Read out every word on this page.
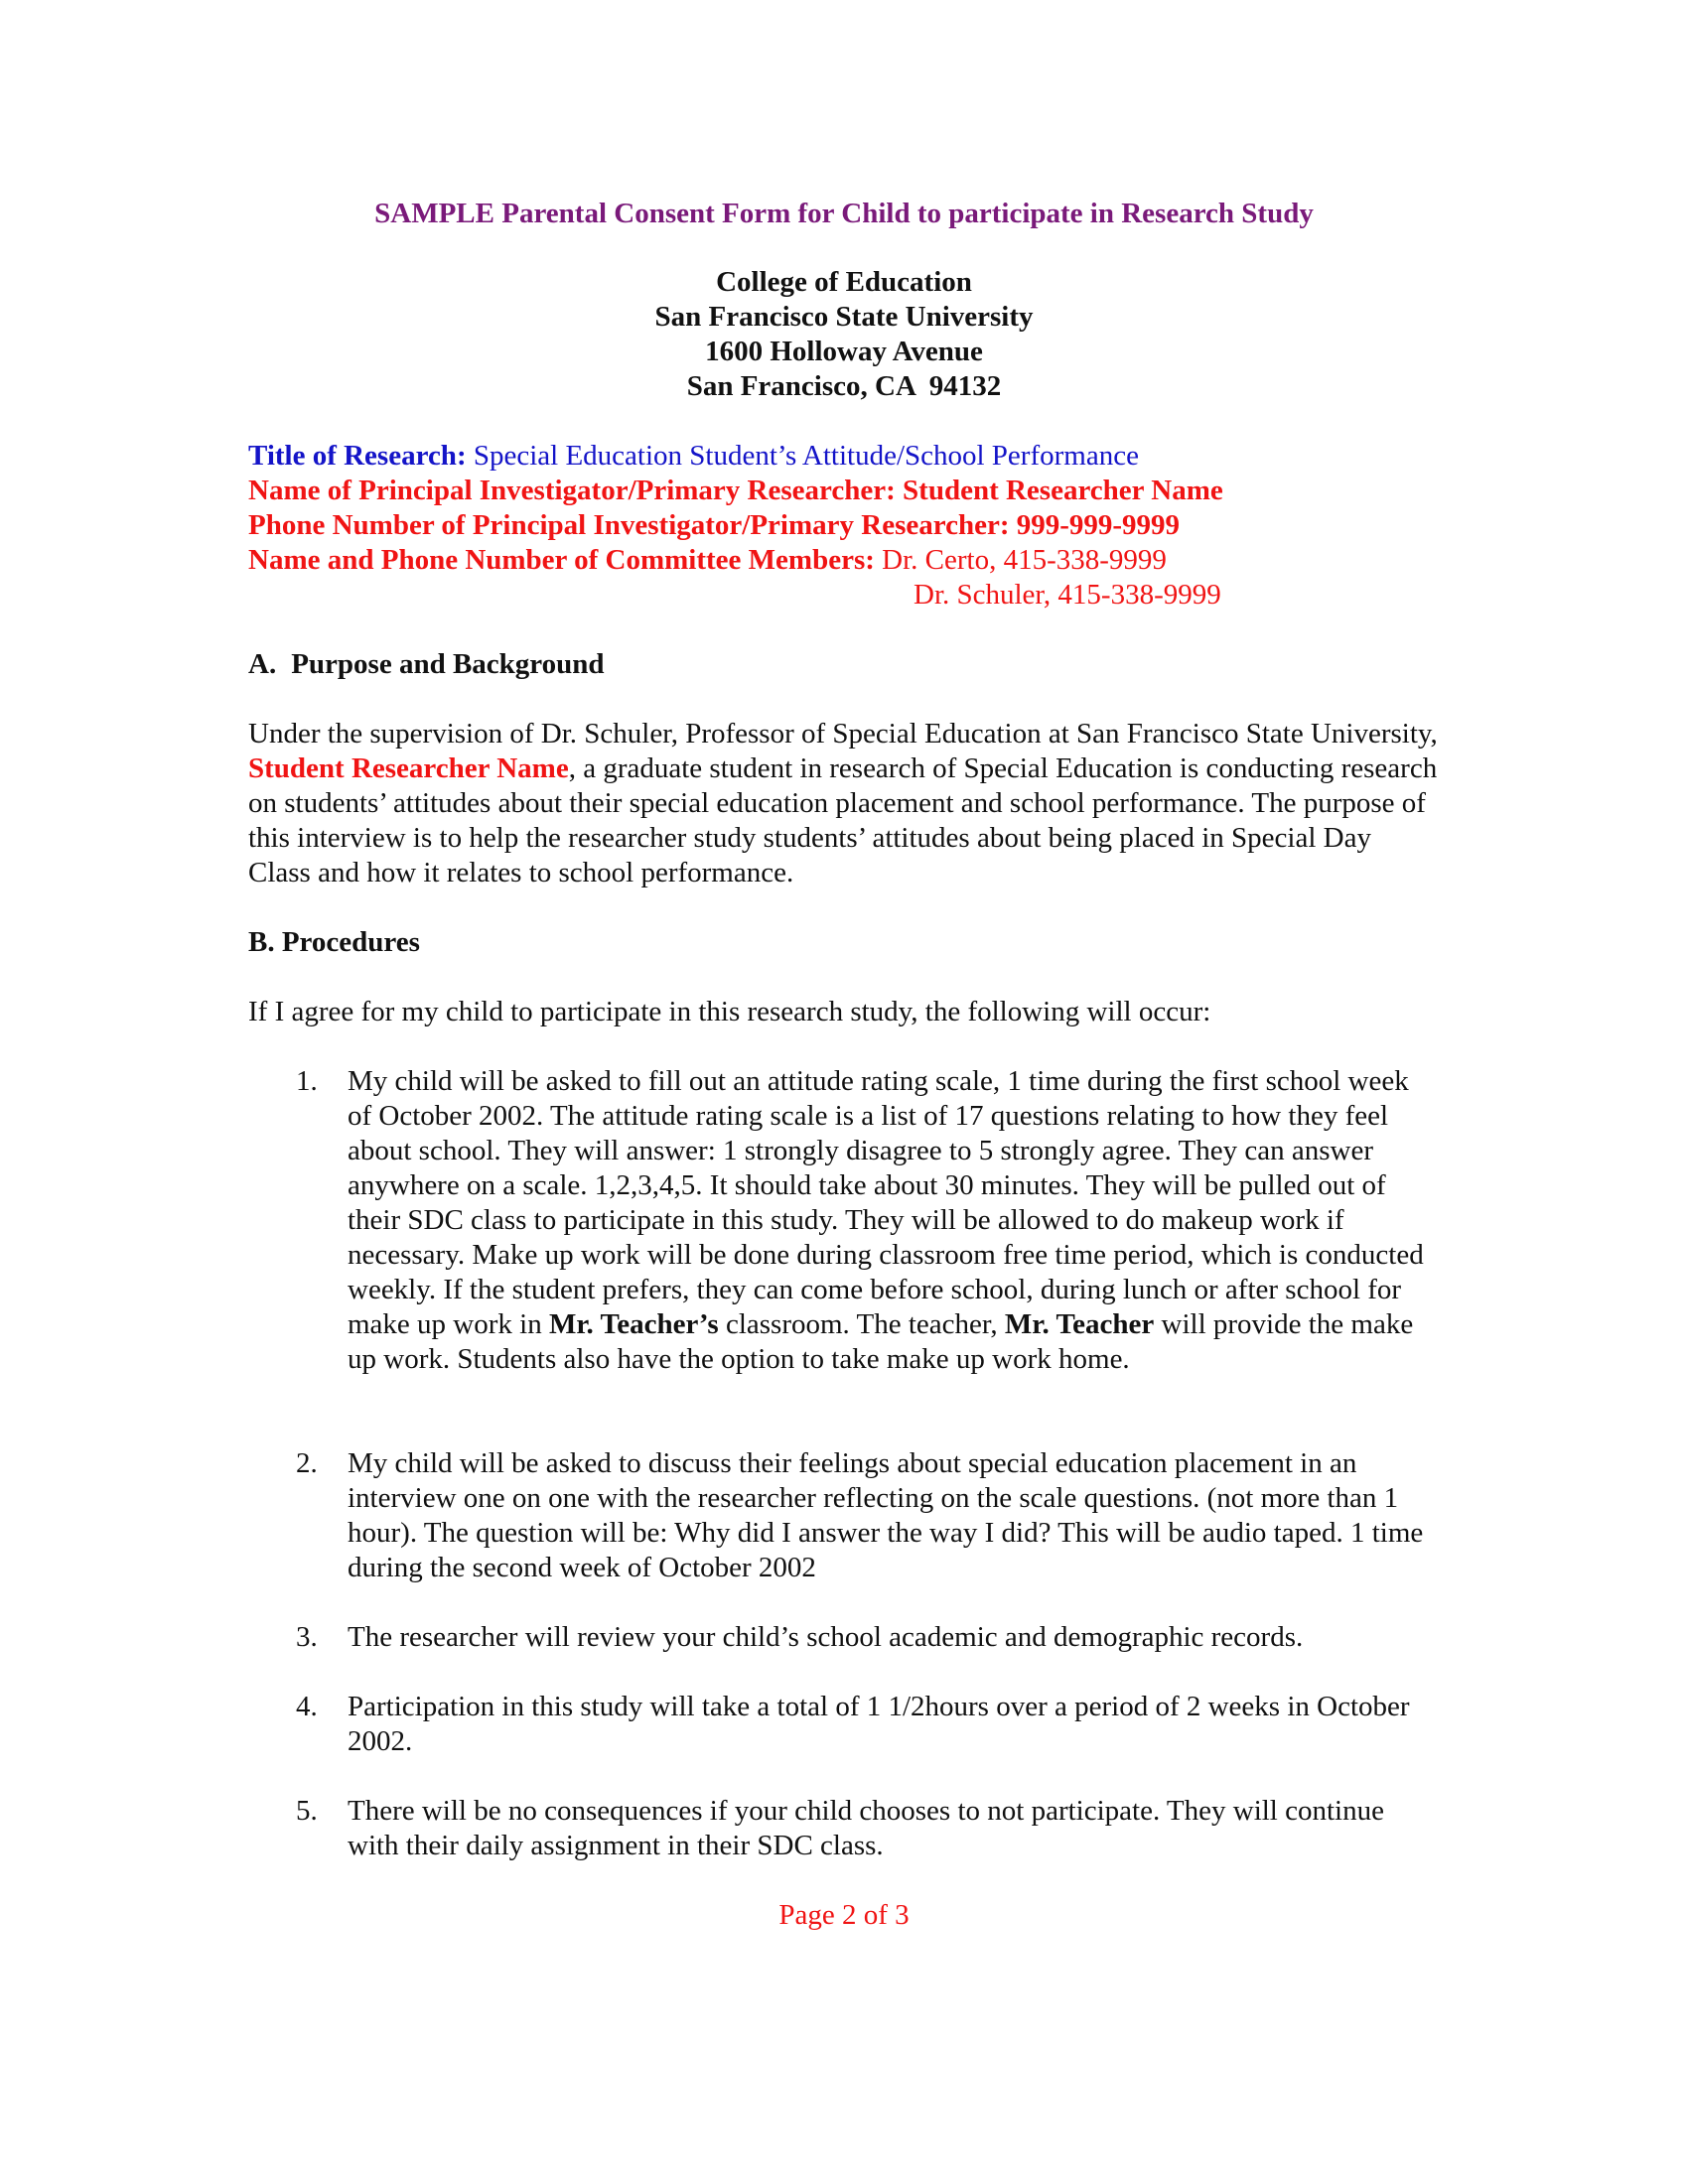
SAMPLE Parental Consent Form for Child to participate in Research Study

College of Education

San Francisco State University

1600 Holloway Avenue

San Francisco, CA  94132

Title of Research: Special Education Student’s Attitude/School Performance

Name of Principal Investigator/Primary Researcher: Student Researcher Name

Phone Number of Principal Investigator/Primary Researcher: 999-999-9999

Name and Phone Number of Committee Members: Dr. Certo, 415-338-9999

Dr. Schuler, 415-338-9999

A. Purpose and Background

Under the supervision of Dr. Schuler, Professor of Special Education at San Francisco State University, Student Researcher Name, a graduate student in research of Special Education is conducting research on students’ attitudes about their special education placement and school performance. The purpose of this interview is to help the researcher study students’ attitudes about being placed in Special Day Class and how it relates to school performance.

B. Procedures

If I agree for my child to participate in this research study, the following will occur:

1. My child will be asked to fill out an attitude rating scale, 1 time during the first school week of October 2002. The attitude rating scale is a list of 17 questions relating to how they feel about school. They will answer: 1 strongly disagree to 5 strongly agree. They can answer anywhere on a scale. 1,2,3,4,5. It should take about 30 minutes. They will be pulled out of their SDC class to participate in this study. They will be allowed to do makeup work if necessary. Make up work will be done during classroom free time period, which is conducted weekly. If the student prefers, they can come before school, during lunch or after school for make up work in Mr. Teacher’s classroom. The teacher, Mr. Teacher will provide the make up work. Students also have the option to take make up work home.

2. My child will be asked to discuss their feelings about special education placement in an interview one on one with the researcher reflecting on the scale questions. (not more than 1 hour). The question will be: Why did I answer the way I did? This will be audio taped. 1 time during the second week of October 2002

3. The researcher will review your child’s school academic and demographic records.

4. Participation in this study will take a total of 1 1/2hours over a period of 2 weeks in October 2002.

5. There will be no consequences if your child chooses to not participate. They will continue with their daily assignment in their SDC class.

Page 2 of 3
